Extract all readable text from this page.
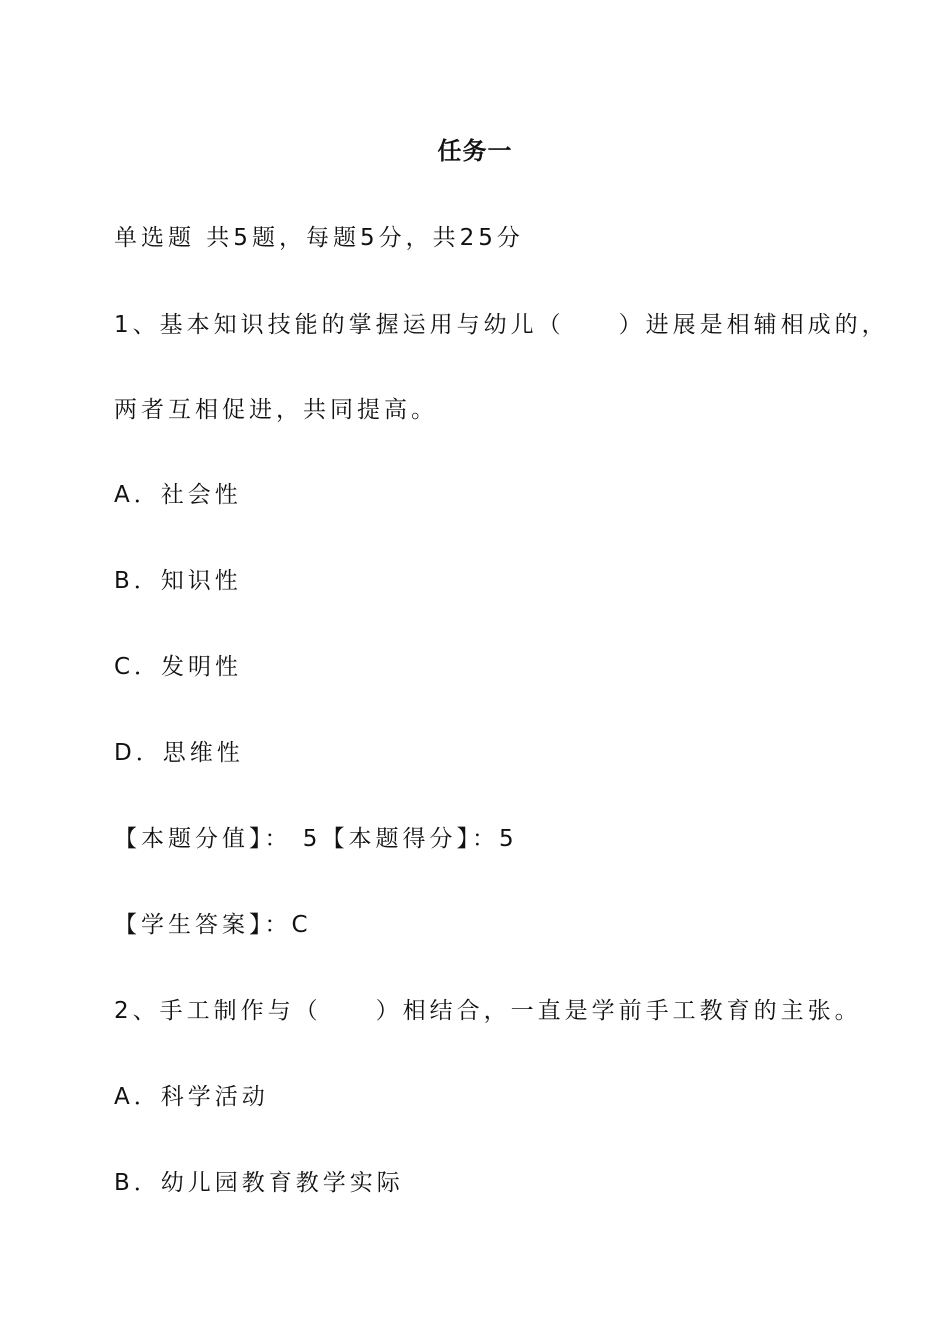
任务一
单选题 共5题，每题5分，共25分
1、基本知识技能的掌握运用与幼儿（　　）进展是相辅相成的，
两者互相促进，共同提高。
A．社会性
B．知识性
C．发明性
D．思维性
【本题分值】： 5【本题得分】：5
【学生答案】：C
2、手工制作与（　　）相结合，一直是学前手工教育的主张。
A．科学活动
B．幼儿园教育教学实际
